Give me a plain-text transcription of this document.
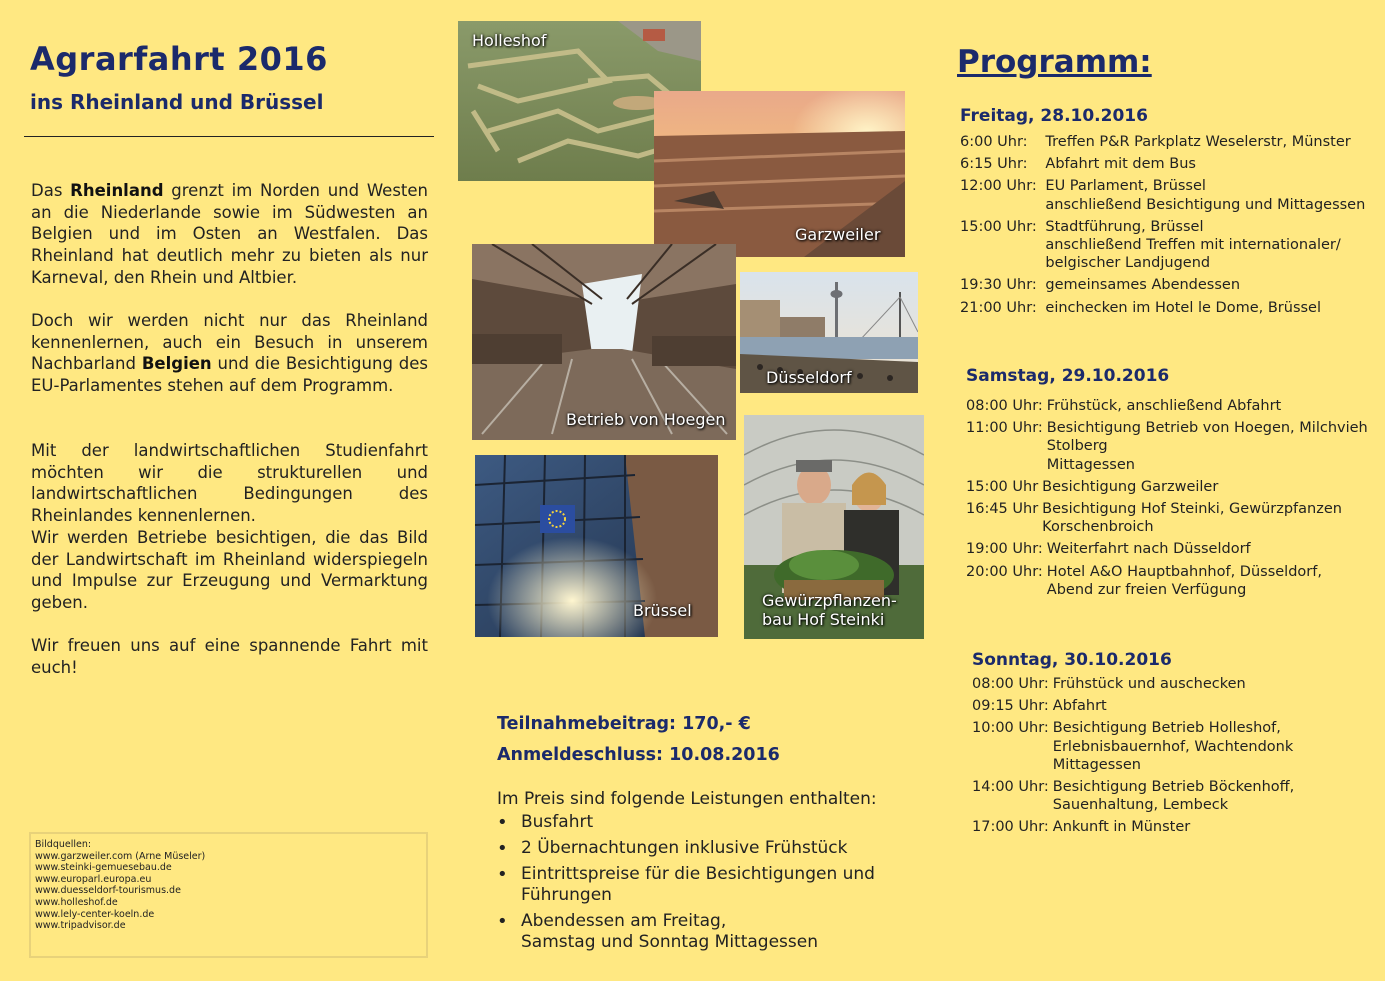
Agrarfahrt 2016
ins Rheinland und Brüssel
Das Rheinland grenzt im Norden und Westen an die Niederlande sowie im Südwesten an Belgien und im Osten an Westfalen. Das Rheinland hat deutlich mehr zu bieten als nur Karneval, den Rhein und Altbier.
Doch wir werden nicht nur das Rheinland kennenlernen, auch ein Besuch in unserem Nachbarland Belgien und die Besichtigung des EU-Parlamentes stehen auf dem Programm.
Mit der landwirtschaftlichen Studienfahrt möchten wir die strukturellen und landwirtschaftlichen Bedingungen des Rheinlandes kennenlernen.
Wir werden Betriebe besichtigen, die das Bild der Landwirtschaft im Rheinland widerspiegeln und Impulse zur Erzeugung und Vermarktung geben.
Wir freuen uns auf eine spannende Fahrt mit euch!
Bildquellen:
www.garzweiler.com (Arne Müseler)
www.steinki-gemuesebau.de
www.europarl.europa.eu
www.duesseldorf-tourismus.de
www.holleshof.de
www.lely-center-koeln.de
www.tripadvisor.de
Holleshof
Garzweiler
Betrieb von Hoegen
Düsseldorf
Brüssel
Gewürzpflanzen-
bau Hof Steinki
Teilnahmebeitrag: 170,- €
Anmeldeschluss: 10.08.2016
Im Preis sind folgende Leistungen enthalten:
• Busfahrt
• 2 Übernachtungen inklusive Frühstück
• Eintrittspreise für die Besichtigungen und Führungen
• Abendessen am Freitag,
Samstag und Sonntag Mittagessen
Programm:
Freitag, 28.10.2016
6:00 Uhr: Treffen P&R Parkplatz Weselerstr, Münster
6:15 Uhr: Abfahrt mit dem Bus
12:00 Uhr: EU Parlament, Brüssel
anschließend Besichtigung und Mittagessen
15:00 Uhr: Stadtführung, Brüssel
anschließend Treffen mit internationaler/
belgischer Landjugend
19:30 Uhr: gemeinsames Abendessen
21:00 Uhr: einchecken im Hotel le Dome, Brüssel
Samstag, 29.10.2016
08:00 Uhr: Frühstück, anschließend Abfahrt
11:00 Uhr: Besichtigung Betrieb von Hoegen, Milchvieh
Stolberg
Mittagessen
15:00 Uhr Besichtigung Garzweiler
16:45 Uhr Besichtigung Hof Steinki, Gewürzpfanzen
Korschenbroich
19:00 Uhr: Weiterfahrt nach Düsseldorf
20:00 Uhr: Hotel A&O Hauptbahnhof, Düsseldorf,
Abend zur freien Verfügung
Sonntag, 30.10.2016
08:00 Uhr: Frühstück und auschecken
09:15 Uhr: Abfahrt
10:00 Uhr: Besichtigung Betrieb Holleshof,
Erlebnisbauernhof, Wachtendonk
Mittagessen
14:00 Uhr: Besichtigung Betrieb Böckenhoff,
Sauenhaltung, Lembeck
17:00 Uhr: Ankunft in Münster
